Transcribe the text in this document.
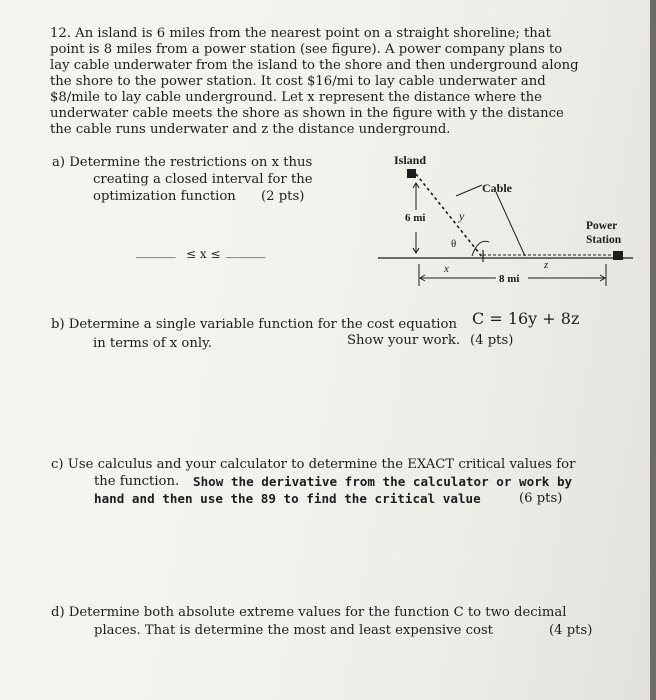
12. An island is 6 miles from the nearest point on a straight shoreline; that
point is 8 miles from a power station (see figure). A power company plans to
lay cable underwater from the island to the shore and then underground along
the shore to the power station. It cost $16/mi to lay cable underwater and
$8/mile to lay cable underground. Let x represent the distance where the
underwater cable meets the shore as shown in the figure with y the distance
the cable runs underwater and z the distance underground.
a) Determine the restrictions on x thus
creating a closed interval for the
optimization function (2 pts)
______ ≤ x ≤ ______
Island
6 mi	y
Cable
θ
Power
Station
x	z
8 mi
b) Determine a single variable function for the cost equation C = 16y + 8z
in terms of x only.	Show your work. (4 pts)
c) Use calculus and your calculator to determine the EXACT critical values for
the function. Show the derivative from the calculator or work by
hand and then use the 89 to find the critical value	(6 pts)
d) Determine both absolute extreme values for the function C to two decimal
places. That is determine the most and least expensive cost	(4 pts)
